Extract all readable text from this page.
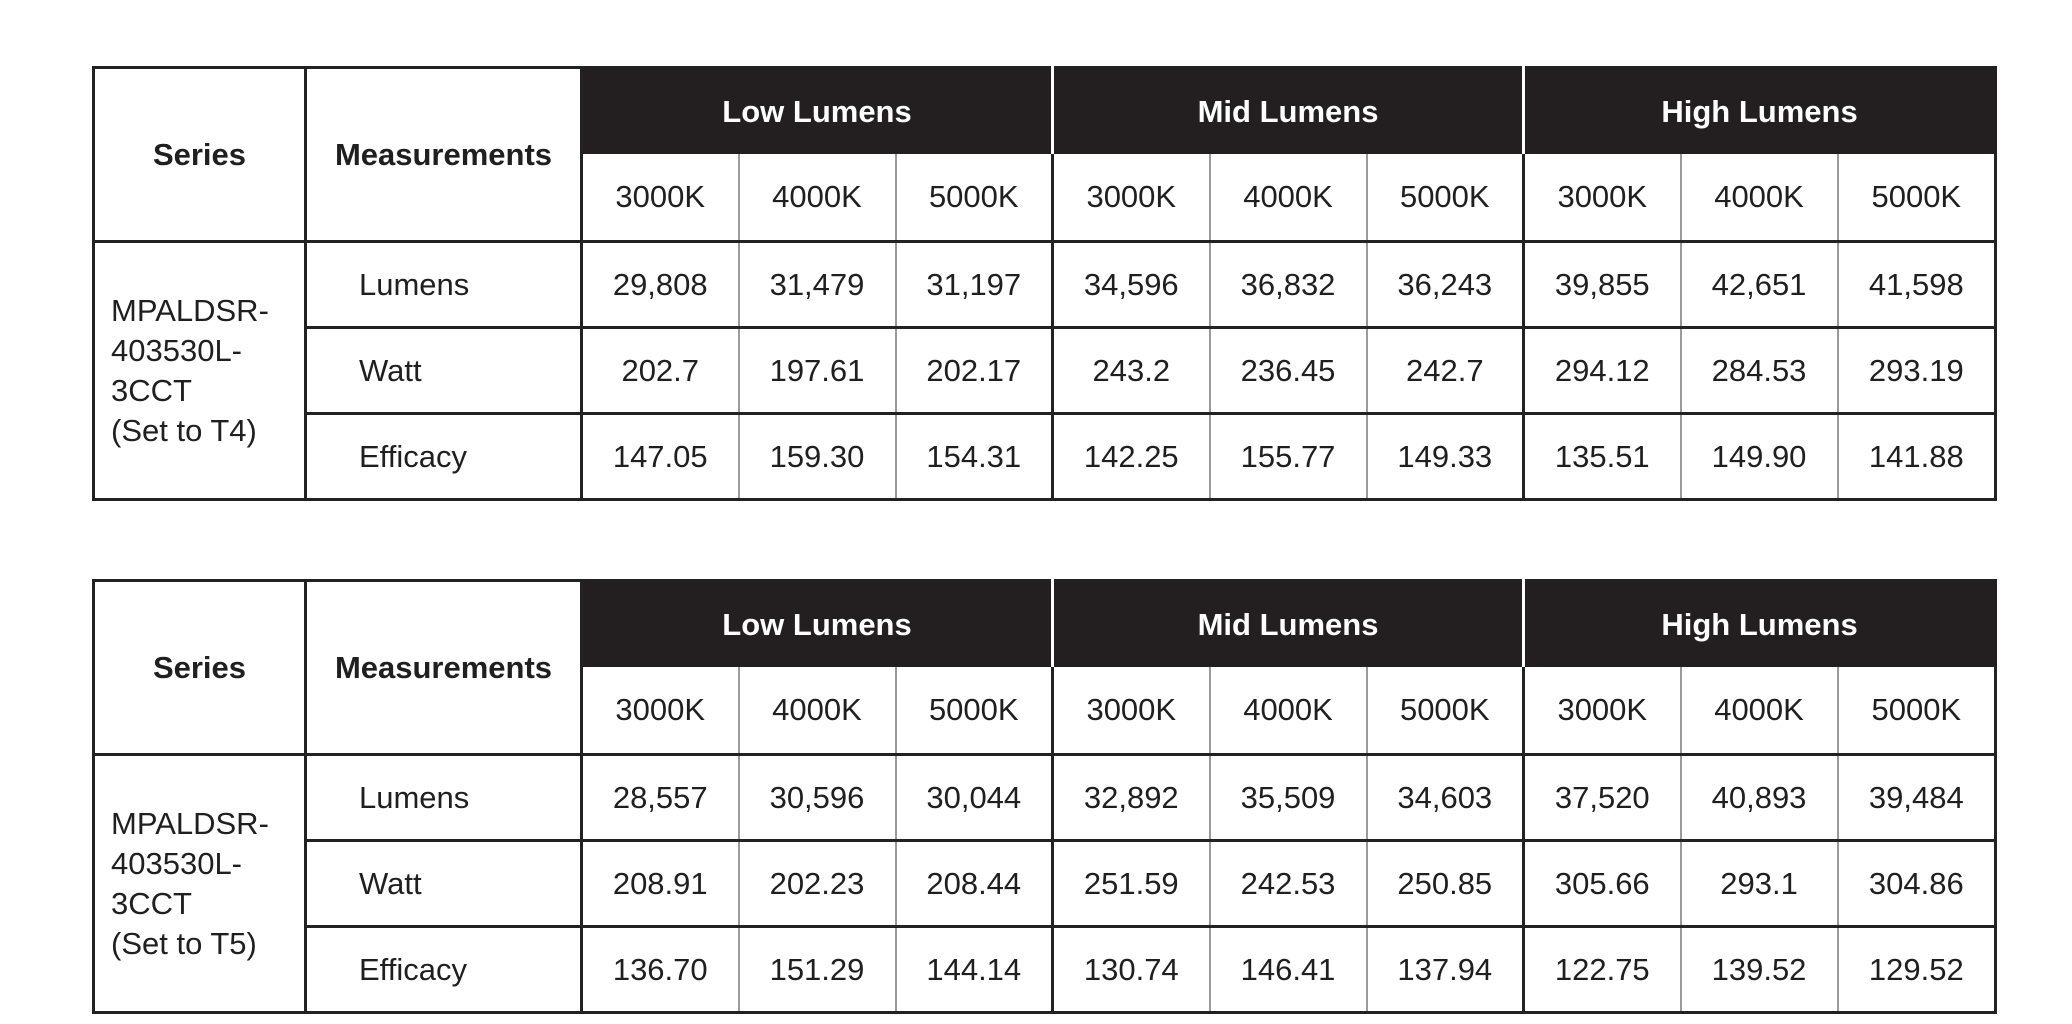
Series	Measurements	Low Lumens			Mid Lumens			High Lumens		
		3000K	4000K	5000K	3000K	4000K	5000K	3000K	4000K	5000K

MPALDSR-
403530L-
3CCT
(Set to T4)	Lumens	29,808	31,479	31,197	34,596	36,832	36,243	39,855	42,651	41,598
	Watt	202.7	197.61	202.17	243.2	236.45	242.7	294.12	284.53	293.19
	Efficacy	147.05	159.30	154.31	142.25	155.77	149.33	135.51	149.90	141.88
Series	Measurements	Low Lumens			Mid Lumens			High Lumens		
		3000K	4000K	5000K	3000K	4000K	5000K	3000K	4000K	5000K

MPALDSR-
403530L-
3CCT
(Set to T5)	Lumens	28,557	30,596	30,044	32,892	35,509	34,603	37,520	40,893	39,484
	Watt	208.91	202.23	208.44	251.59	242.53	250.85	305.66	293.1	304.86
	Efficacy	136.70	151.29	144.14	130.74	146.41	137.94	122.75	139.52	129.52
